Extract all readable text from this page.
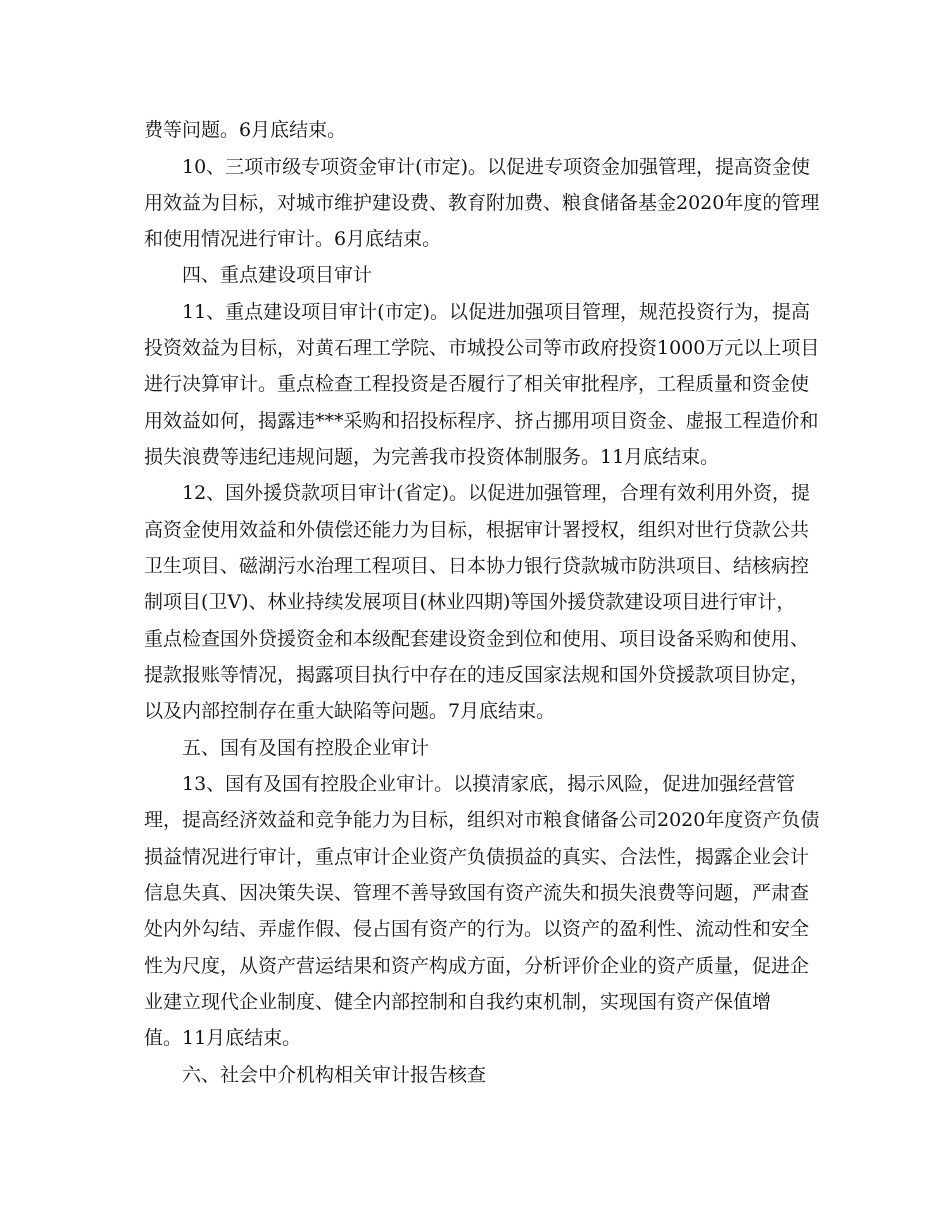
费等问题。6月底结束。

10、三项市级专项资金审计(市定)。以促进专项资金加强管理，提高资金使

用效益为目标，对城市维护建设费、教育附加费、粮食储备基金2020年度的管理

和使用情况进行审计。6月底结束。

四、重点建设项目审计

11、重点建设项目审计(市定)。以促进加强项目管理，规范投资行为，提高

投资效益为目标，对黄石理工学院、市城投公司等市政府投资1000万元以上项目

进行决算审计。重点检查工程投资是否履行了相关审批程序，工程质量和资金使

用效益如何，揭露违***采购和招投标程序、挤占挪用项目资金、虚报工程造价和

损失浪费等违纪违规问题，为完善我市投资体制服务。11月底结束。

12、国外援贷款项目审计(省定)。以促进加强管理，合理有效利用外资，提

高资金使用效益和外债偿还能力为目标，根据审计署授权，组织对世行贷款公共

卫生项目、磁湖污水治理工程项目、日本协力银行贷款城市防洪项目、结核病控

制项目(卫V)、林业持续发展项目(林业四期)等国外援贷款建设项目进行审计，

重点检查国外贷援资金和本级配套建设资金到位和使用、项目设备采购和使用、

提款报账等情况，揭露项目执行中存在的违反国家法规和国外贷援款项目协定，

以及内部控制存在重大缺陷等问题。7月底结束。

五、国有及国有控股企业审计

13、国有及国有控股企业审计。以摸清家底，揭示风险，促进加强经营管

理，提高经济效益和竞争能力为目标，组织对市粮食储备公司2020年度资产负债

损益情况进行审计，重点审计企业资产负债损益的真实、合法性，揭露企业会计

信息失真、因决策失误、管理不善导致国有资产流失和损失浪费等问题，严肃查

处内外勾结、弄虚作假、侵占国有资产的行为。以资产的盈利性、流动性和安全

性为尺度，从资产营运结果和资产构成方面，分析评价企业的资产质量，促进企

业建立现代企业制度、健全内部控制和自我约束机制，实现国有资产保值增

值。11月底结束。

六、社会中介机构相关审计报告核查
